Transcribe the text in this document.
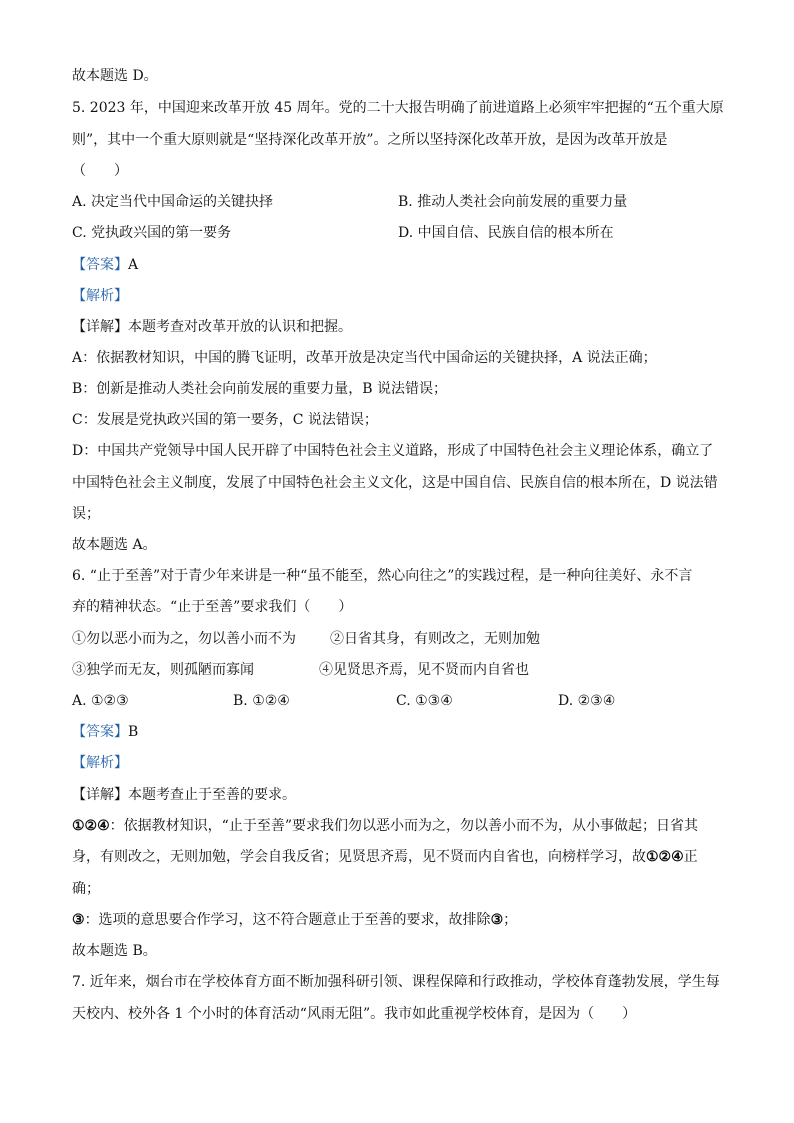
故本题选 D。
5. 2023 年，中国迎来改革开放 45 周年。党的二十大报告明确了前进道路上必须牢牢把握的“五个重大原
则”，其中一个重大原则就是“坚持深化改革开放”。之所以坚持深化改革开放，是因为改革开放是
（　　）
A. 决定当代中国命运的关键抉择	B. 推动人类社会向前发展的重要力量
C. 党执政兴国的第一要务	D. 中国自信、民族自信的根本所在
【答案】A
【解析】
【详解】本题考查对改革开放的认识和把握。
A：依据教材知识，中国的腾飞证明，改革开放是决定当代中国命运的关键抉择，A 说法正确；
B：创新是推动人类社会向前发展的重要力量，B 说法错误；
C：发展是党执政兴国的第一要务，C 说法错误；
D：中国共产党领导中国人民开辟了中国特色社会主义道路，形成了中国特色社会主义理论体系，确立了
中国特色社会主义制度，发展了中国特色社会主义文化，这是中国自信、民族自信的根本所在，D 说法错
误；
故本题选 A。
6. “止于至善”对于青少年来讲是一种“虽不能至，然心向往之”的实践过程，是一种向往美好、永不言
弃的精神状态。“止于至善”要求我们（　　）
①勿以恶小而为之，勿以善小而不为 ②日省其身，有则改之，无则加勉
③独学而无友，则孤陋而寡闻	④见贤思齐焉，见不贤而内自省也
A. ①②③	B. ①②④	C. ①③④	D. ②③④
【答案】B
【解析】
【详解】本题考查止于至善的要求。
①②④：依据教材知识，“止于至善”要求我们勿以恶小而为之，勿以善小而不为，从小事做起；日省其
身，有则改之，无则加勉，学会自我反省；见贤思齐焉，见不贤而内自省也，向榜样学习，故①②④正
确；
③：选项的意思要合作学习，这不符合题意止于至善的要求，故排除③；
故本题选 B。
7. 近年来，烟台市在学校体育方面不断加强科研引领、课程保障和行政推动，学校体育蓬勃发展，学生每
天校内、校外各 1 个小时的体育活动“风雨无阻”。我市如此重视学校体育，是因为（　　）
